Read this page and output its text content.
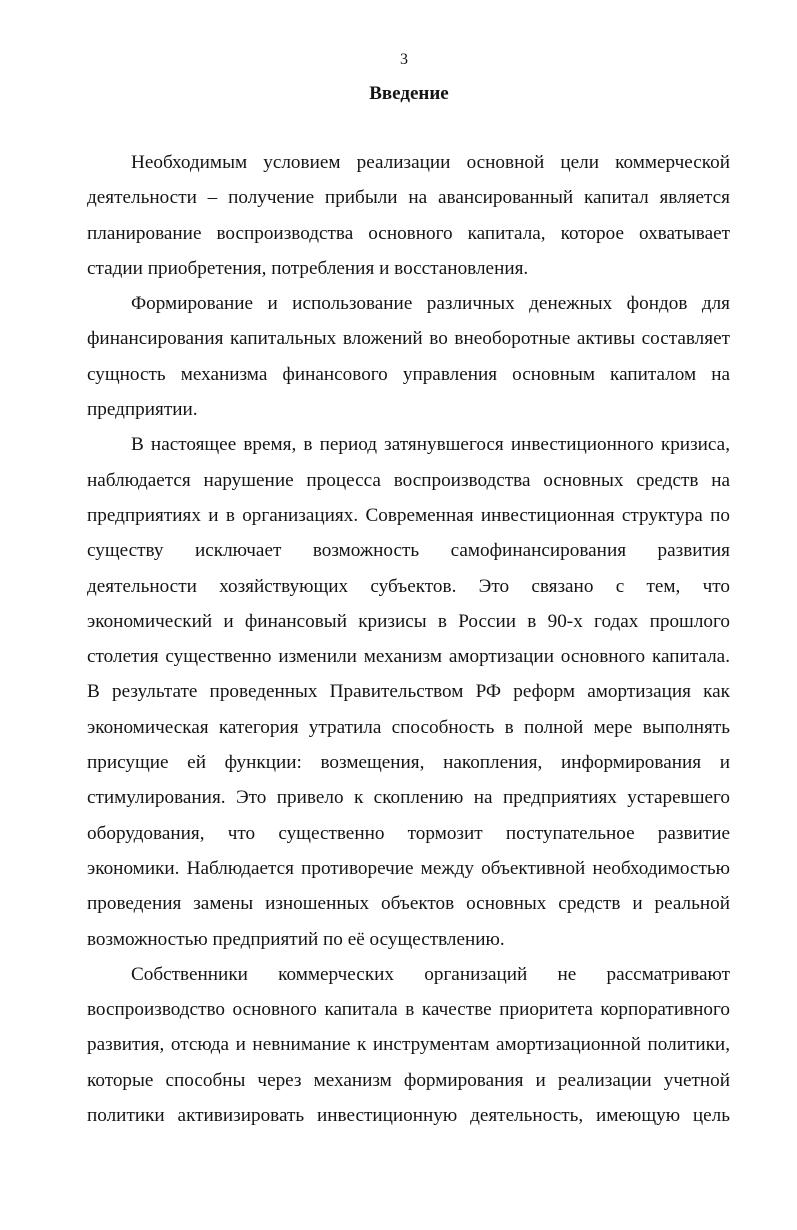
3
Введение

Необходимым условием реализации основной цели коммерческой деятельности – получение прибыли на авансированный капитал является планирование воспроизводства основного капитала, которое охватывает стадии приобретения, потребления и восстановления.

Формирование и использование различных денежных фондов для финансирования капитальных вложений во внеоборотные активы составляет сущность механизма финансового управления основным капиталом на предприятии.

В настоящее время, в период затянувшегося инвестиционного кризиса, наблюдается нарушение процесса воспроизводства основных средств на предприятиях и в организациях. Современная инвестиционная структура по существу исключает возможность самофинансирования развития деятельности хозяйствующих субъектов. Это связано с тем, что экономический и финансовый кризисы в России в 90-х годах прошлого столетия существенно изменили механизм амортизации основного капитала. В результате проведенных Правительством РФ реформ амортизация как экономическая категория утратила способность в полной мере выполнять присущие ей функции: возмещения, накопления, информирования и стимулирования. Это привело к скоплению на предприятиях устаревшего оборудования, что существенно тормозит поступательное развитие экономики. Наблюдается противоречие между объективной необходимостью проведения замены изношенных объектов основных средств и реальной возможностью предприятий по её осуществлению.

Собственники коммерческих организаций не рассматривают воспроизводство основного капитала в качестве приоритета корпоративного развития, отсюда и невнимание к инструментам амортизационной политики, которые способны через механизм формирования и реализации учетной политики активизировать инвестиционную деятельность, имеющую цель
